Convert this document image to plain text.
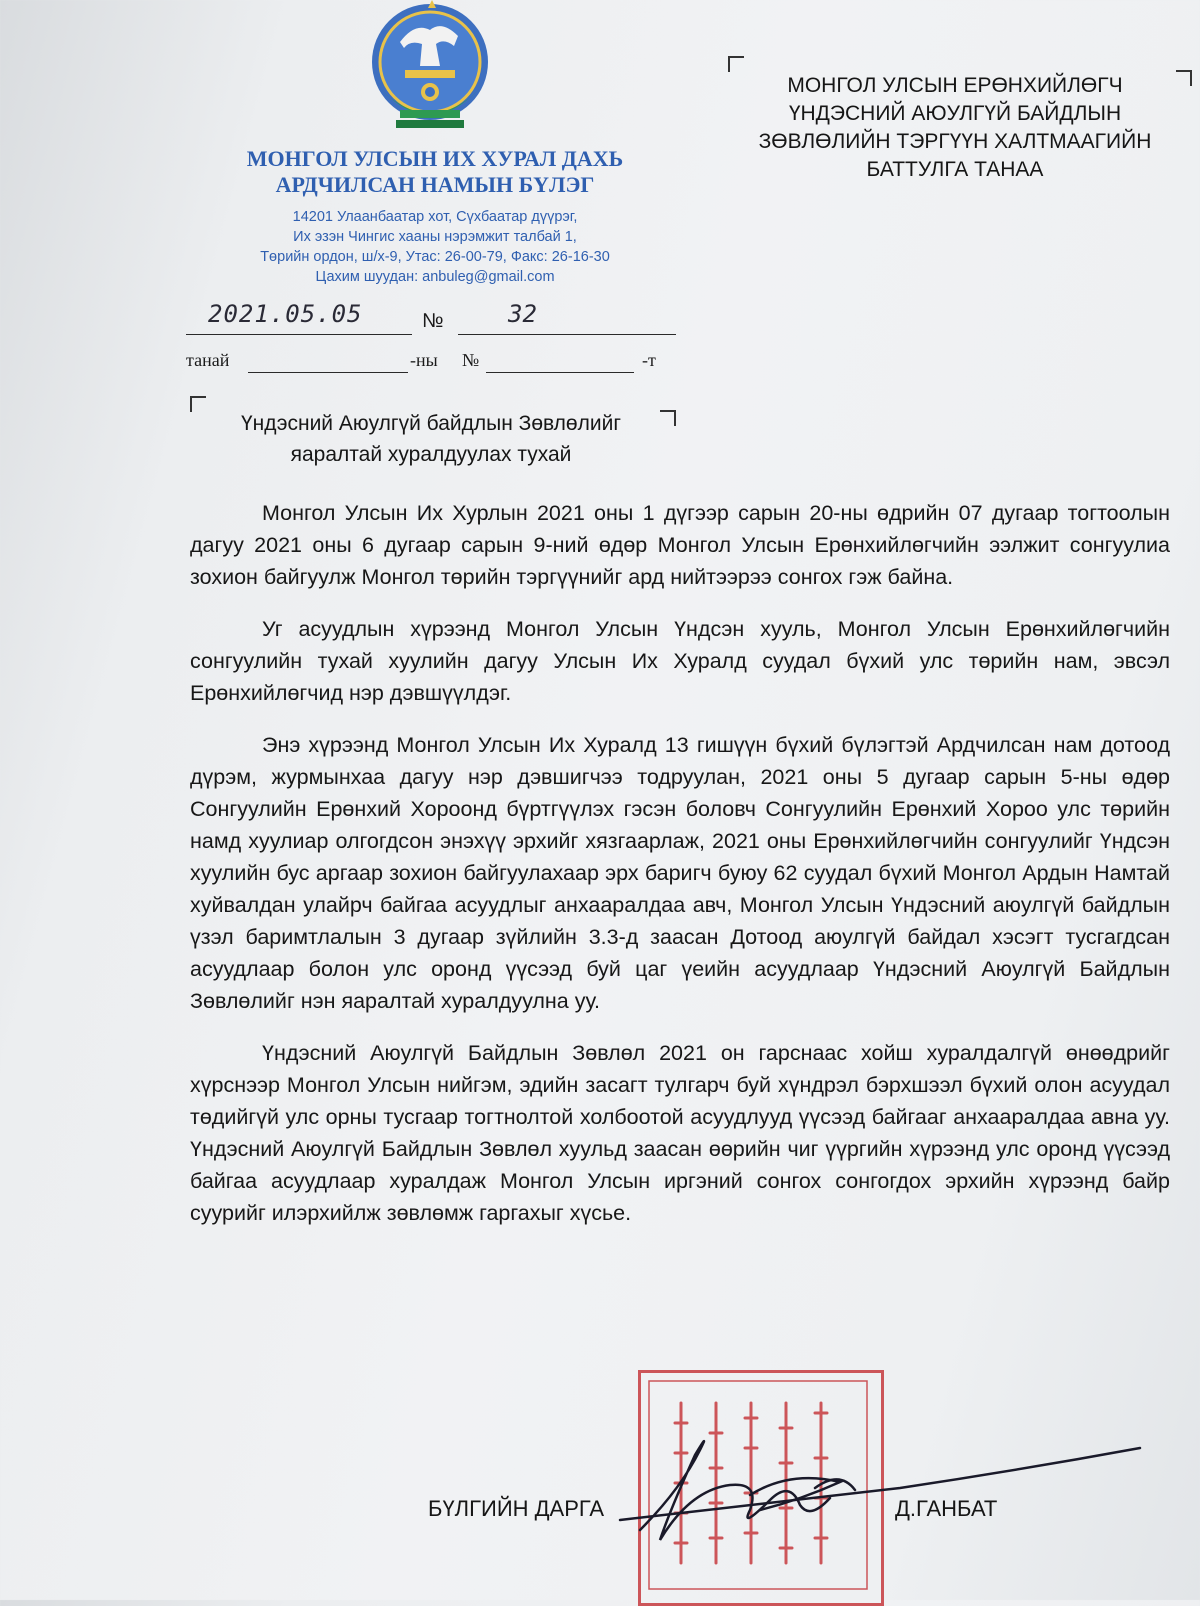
МОНГОЛ УЛСЫН ИХ ХУРАЛ ДАХЬ
АРДЧИЛСАН НАМЫН БҮЛЭГ
14201 Улаанбаатар хот, Сүхбаатар дүүрэг,
Их эзэн Чингис хааны нэрэмжит талбай 1,
Төрийн ордон, ш/х-9, Утас: 26-00-79, Факс: 26-16-30
Цахим шуудан: anbuleg@gmail.com
2021.05.05	№	32
танай	-ны №	-т
МОНГОЛ УЛСЫН ЕРӨНХИЙЛӨГЧ
ҮНДЭСНИЙ АЮУЛГҮЙ БАЙДЛЫН
ЗӨВЛӨЛИЙН ТЭРГҮҮН ХАЛТМААГИЙН
БАТТУЛГА ТАНАА
Үндэсний Аюулгүй байдлын Зөвлөлийг
яаралтай хуралдуулах тухай

Монгол Улсын Их Хурлын 2021 оны 1 дүгээр сарын 20-ны өдрийн 07 дугаар тогтоолын дагуу 2021 оны 6 дугаар сарын 9-ний өдөр Монгол Улсын Ерөнхийлөгчийн ээлжит сонгуулиа зохион байгуулж Монгол төрийн тэргүүнийг ард нийтээрээ сонгох гэж байна.

Уг асуудлын хүрээнд Монгол Улсын Үндсэн хууль, Монгол Улсын Ерөнхийлөгчийн сонгуулийн тухай хуулийн дагуу Улсын Их Хуралд суудал бүхий улс төрийн нам, эвсэл Ерөнхийлөгчид нэр дэвшүүлдэг.

Энэ хүрээнд Монгол Улсын Их Хуралд 13 гишүүн бүхий бүлэгтэй Ардчилсан нам дотоод дүрэм, журмынхаа дагуу нэр дэвшигчээ тодруулан, 2021 оны 5 дугаар сарын 5-ны өдөр Сонгуулийн Ерөнхий Хороонд бүртгүүлэх гэсэн боловч Сонгуулийн Ерөнхий Хороо улс төрийн намд хуулиар олгогдсон энэхүү эрхийг хязгаарлаж, 2021 оны Ерөнхийлөгчийн сонгуулийг Үндсэн хуулийн бус аргаар зохион байгуулахаар эрх баригч буюу 62 суудал бүхий Монгол Ардын Намтай хуйвалдан улайрч байгаа асуудлыг анхааралдаа авч, Монгол Улсын Үндэсний аюулгүй байдлын үзэл баримтлалын 3 дугаар зүйлийн 3.3-д заасан Дотоод аюулгүй байдал хэсэгт тусгагдсан асуудлаар болон улс оронд үүсээд буй цаг үеийн асуудлаар Үндэсний Аюулгүй Байдлын Зөвлөлийг нэн яаралтай хуралдуулна уу.

Үндэсний Аюулгүй Байдлын Зөвлөл 2021 он гарснаас хойш хуралдалгүй өнөөдрийг хүрснээр Монгол Улсын нийгэм, эдийн засагт тулгарч буй хүндрэл бэрхшээл бүхий олон асуудал төдийгүй улс орны тусгаар тогтнолтой холбоотой асуудлууд үүсээд байгааг анхааралдаа авна уу. Үндэсний Аюулгүй Байдлын Зөвлөл хуульд заасан өөрийн чиг үүргийн хүрээнд улс оронд үүсээд байгаа асуудлаар хуралдаж Монгол Улсын иргэний сонгох сонгогдох эрхийн хүрээнд байр суурийг илэрхийлж зөвлөмж гаргахыг хүсье.

БҮЛГИЙН ДАРГА	Д.ГАНБАТ
